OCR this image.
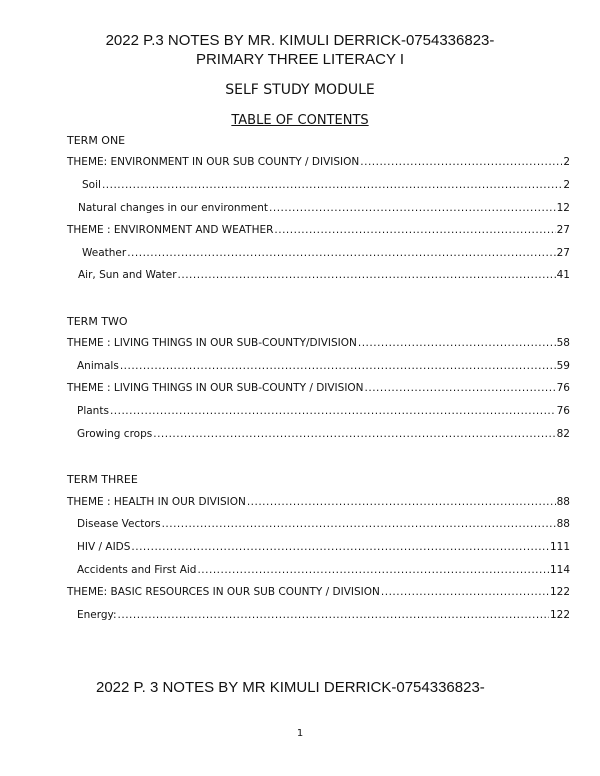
2022 P.3 NOTES BY MR. KIMULI DERRICK-0754336823-
PRIMARY THREE LITERACY I
SELF STUDY MODULE
TABLE OF CONTENTS
TERM ONE
THEME: ENVIRONMENT IN OUR SUB COUNTY / DIVISION .....	2
Soil .....	2
Natural changes in our environment .....	12
THEME : ENVIRONMENT AND WEATHER .....	27
Weather .....	27
Air, Sun and Water .....	41
TERM TWO
THEME : LIVING THINGS IN OUR SUB-COUNTY/DIVISION .....	58
Animals .....	59
THEME : LIVING THINGS IN OUR SUB-COUNTY / DIVISION .....	76
Plants .....	76
Growing crops .....	82
TERM THREE
THEME : HEALTH IN OUR DIVISION .....	88
Disease Vectors .....	88
HIV / AIDS .....	111
Accidents and First Aid .....	114
THEME: BASIC RESOURCES IN OUR SUB COUNTY / DIVISION .....	122
Energy: .....	122
2022 P. 3 NOTES BY MR KIMULI DERRICK-0754336823-
1
